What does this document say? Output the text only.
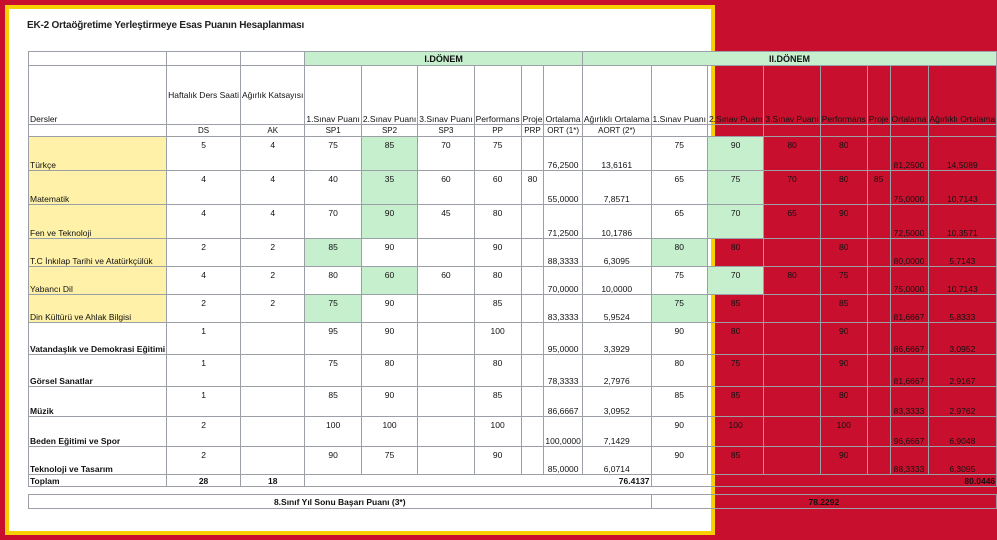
EK-2 Ortaöğretime Yerleştirmeye Esas Puanın Hesaplanması
			I.DÖNEM						II.DÖNEM							
Dersler	Haftalık Ders Saati	Ağırlık Katsayısı	1.Sınav Puanı	2.Sınav Puanı	3.Sınav Puanı	Performans	Proje	Ortalama	Ağırlıklı Ortalama	1.Sınav Puanı	2.Sınav Puanı	3.Sınav Puanı	Performans	Proje	Ortalama	Ağırlıklı Ortalama
	DS	AK	SP1	SP2	SP3	PP	PRP	ORT (1*)	AORT (2*)							
Türkçe	5	4	75	85	70	75		76,2500	13,6161	75	90	80	80		81,2500	14,5089
Matematik	4	4	40	35	60	60	80	55,0000	7,8571	65	75	70	80	85	75,0000	10,7143
Fen ve Teknoloji	4	4	70	90	45	80		71,2500	10,1786	65	70	65	90		72,5000	10,3571
T.C İnkılap Tarihi ve Atatürkçülük	2	2	85	90		90		88,3333	6,3095	80	80		80		80,0000	5,7143
Yabancı Dil	4	2	80	60	60	80		70,0000	10,0000	75	70	80	75		75,0000	10,7143
Din Kültürü ve Ahlak Bilgisi	2	2	75	90		85		83,3333	5,9524	75	85		85		81,6667	5,8333
Vatandaşlık ve Demokrasi Eğitimi	1		95	90		100		95,0000	3,3929	90	80		90		86,6667	3,0952
Görsel Sanatlar	1		75	80		80		78,3333	2,7976	80	75		90		81,6667	2,9167
Müzik	1		85	90		85		86,6667	3,0952	85	85		80		83,3333	2,9762
Beden Eğitimi ve Spor	2		100	100		100		100,0000	7,1429	90	100		100		96,6667	6,9048
Teknoloji ve Tasarım	2		90	75		90		85,0000	6,0714	90	85		90		88,3333	6,3095
Toplam	28	18	76.4137							80.0446						

8.Sınıf Yıl Sonu Başarı Puanı (3*)										78.2292						
